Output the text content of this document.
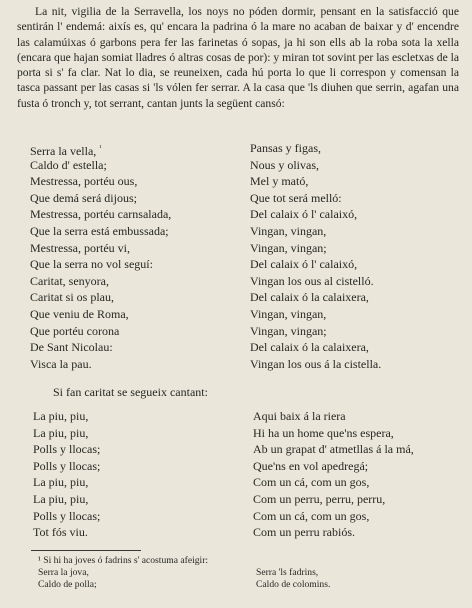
La nit, vigilia de la Serravella, los noys no póden dormir, pensant en la satisfacció que sentirán l' endemá: aixís es, qu' encara la padrina ó la mare no acaban de baixar y d' encendre las calamúixas ó garbons pera fer las farinetas ó sopas, ja hi son ells ab la roba sota la xella (encara que hajan somiat lladres ó altras cosas de por): y miran tot sovint per las escletxas de la porta si s' fa clar. Nat lo dia, se reuneixen, cada hú porta lo que li correspon y comensan la tasca passant per las casas si 'ls vólen fer serrar. A la casa que 'ls diuhen que serrin, agafan una fusta ó tronch y, tot serrant, cantan junts la següent cansó:

Serra la vella, $^{^1}$	Pansas y figas,
Caldo d' estella;	Nous y olivas,
Mestressa, portéu ous,	Mel y mató,
Que demá será dijous;	Que tot será melló:
Mestressa, portéu carnsalada,	Del calaix ó l' calaixó,
Que la serra está embussada;	Vingan, vingan,
Mestressa, portéu vi,	Vingan, vingan;
Que la serra no vol seguí:	Del calaix ó l' calaixó,
Caritat, senyora,	Vingan los ous al cistelló.
Caritat si os plau,	Del calaix ó la calaixera,
Que veniu de Roma,	Vingan, vingan,
Que portéu corona	Vingan, vingan;
De Sant Nicolau:	Del calaix ó la calaixera,
Visca la pau.	Vingan los ous á la cistella.
Si fan caritat se segueix cantant:
La piu, piu,	Aqui baix á la riera
La piu, piu,	Hi ha un home que'ns espera,
Polls y llocas;	Ab un grapat d' atmetllas á la má,
Polls y llocas;	Que'ns en vol apedregá;
La piu, piu,	Com un cá, com un gos,
La piu, piu,	Com un perru, perru, perru,
Polls y llocas;	Com un cá, com un gos,
Tot fós viu.	Com un perru rabiós.
¹ Si hi ha joves ó fadrins s' acostuma afeigir:
Serra la jova,	Serra 'ls fadrins,
Caldo de polla;	Caldo de colomins.
